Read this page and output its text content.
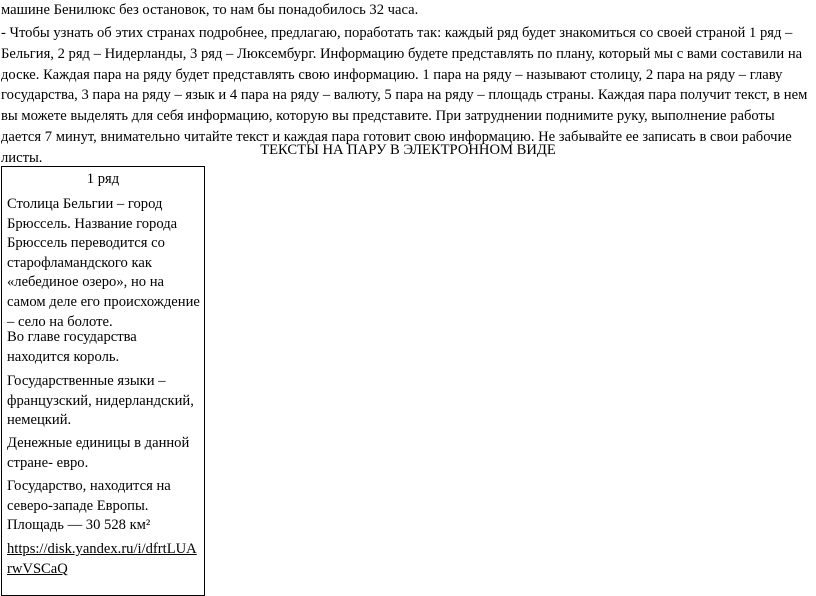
машине Бенилюкс без остановок, то нам бы понадобилось 32 часа.
- Чтобы узнать об этих странах подробнее, предлагаю, поработать так: каждый ряд будет знакомиться со своей страной 1 ряд – Бельгия, 2 ряд – Нидерланды, 3 ряд – Люксембург. Информацию будете представлять по плану, который мы с вами составили на доске. Каждая пара на ряду будет представлять свою информацию. 1 пара на ряду – называют столицу, 2 пара на ряду – главу государства, 3 пара на ряду – язык и 4 пара на ряду – валюту, 5 пара на ряду – площадь страны. Каждая пара получит текст, в нем вы можете выделять для себя информацию, которую вы представите. При затруднении поднимите руку, выполнение работы дается 7 минут, внимательно читайте текст и каждая пара готовит свою информацию. Не забывайте ее записать в свои рабочие листы.	ТЕКСТЫ НА ПАРУ В ЭЛЕКТРОННОМ ВИДЕ
1 ряд
Столица Бельгии – город Брюссель. Название города Брюссель переводится со старофламандского как «лебединое озеро», но на самом деле его происхождение – село на болоте.
Во главе государства находится король.
Государственные языки – французский, нидерландский, немецкий.
Денежные единицы в данной стране- евро.
Государство, находится на северо-западе Европы.
Площадь — 30 528 км²
https://disk.yandex.ru/i/dfrtLUArwVSCaQ
